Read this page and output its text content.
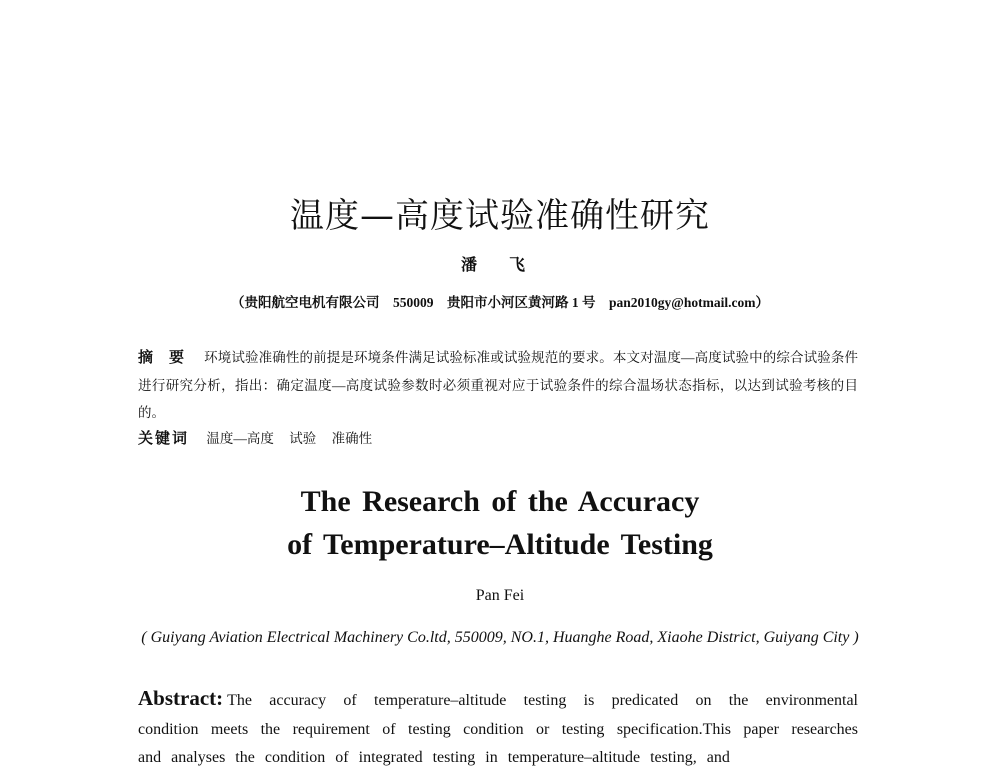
温度—高度试验准确性研究
潘 飞
（贵阳航空电机有限公司　550009　贵阳市小河区黄河路 1 号　pan2010gy@hotmail.com）
摘 要 环境试验准确性的前提是环境条件满足试验标准或试验规范的要求。本文对温度—高度试验中的综合试验条件进行研究分析，指出：确定温度—高度试验参数时必须重视对应于试验条件的综合温场状态指标，以达到试验考核的目的。
关键词 温度—高度 试验 准确性
The Research of the Accuracy
of Temperature–Altitude Testing
Pan Fei
( Guiyang Aviation Electrical Machinery Co.ltd, 550009, NO.1, Huanghe Road, Xiaohe District, Guiyang City )
Abstract: The accuracy of temperature–altitude testing is predicated on the environmental condition meets the requirement of testing condition or testing specification.This paper researches and analyses the condition of integrated testing in temperature–altitude testing, and
